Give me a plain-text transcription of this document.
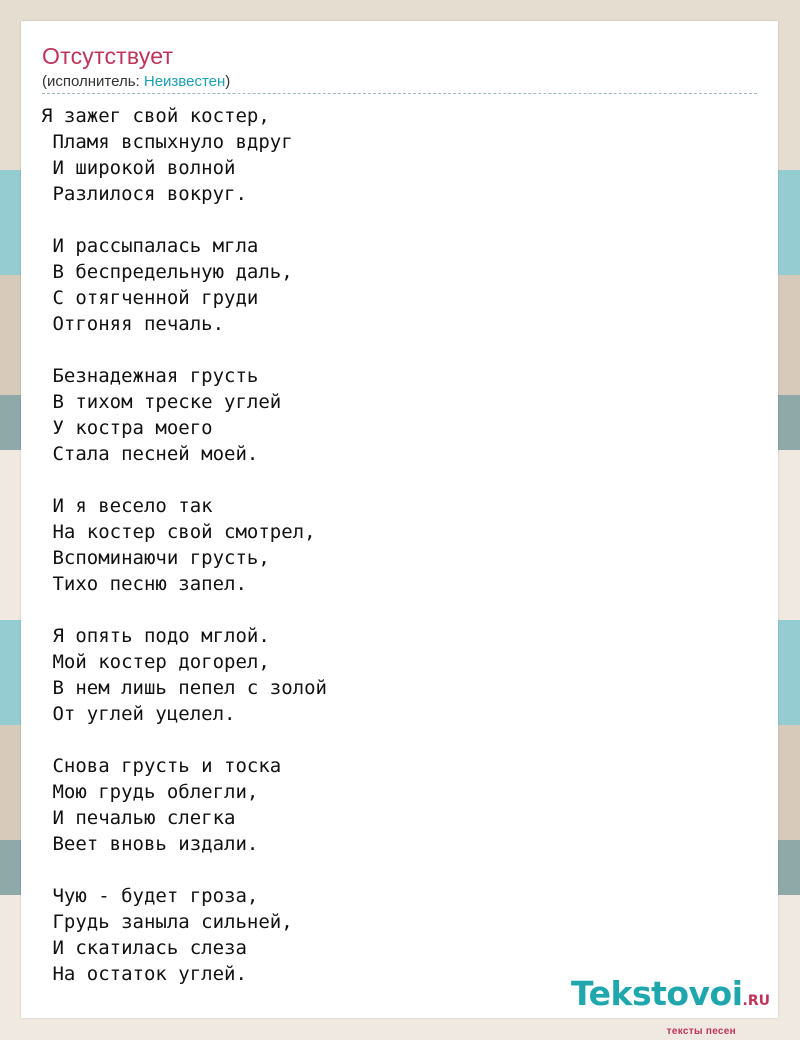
Отсутствует
(исполнитель: Неизвестен)
Я зажег свой костер,
Пламя вспыхнуло вдруг
И широкой волной
Разлилося вокруг.

И рассыпалась мгла
В беспредельную даль,
С отягченной груди
Отгоняя печаль.

Безнадежная грусть
В тихом треске углей
У костра моего
Стала песней моей.

И я весело так
На костер свой смотрел,
Вспоминаючи грусть,
Тихо песню запел.

Я опять подо мглой.
Мой костер догорел,
В нем лишь пепел с золой
От углей уцелел.

Снова грусть и тоска
Мою грудь облегли,
И печалью слегка
Веет вновь издали.

Чую - будет гроза,
Грудь заныла сильней,
И скатилась слеза
На остаток углей.	Tekstovoi.RU
тексты песен
